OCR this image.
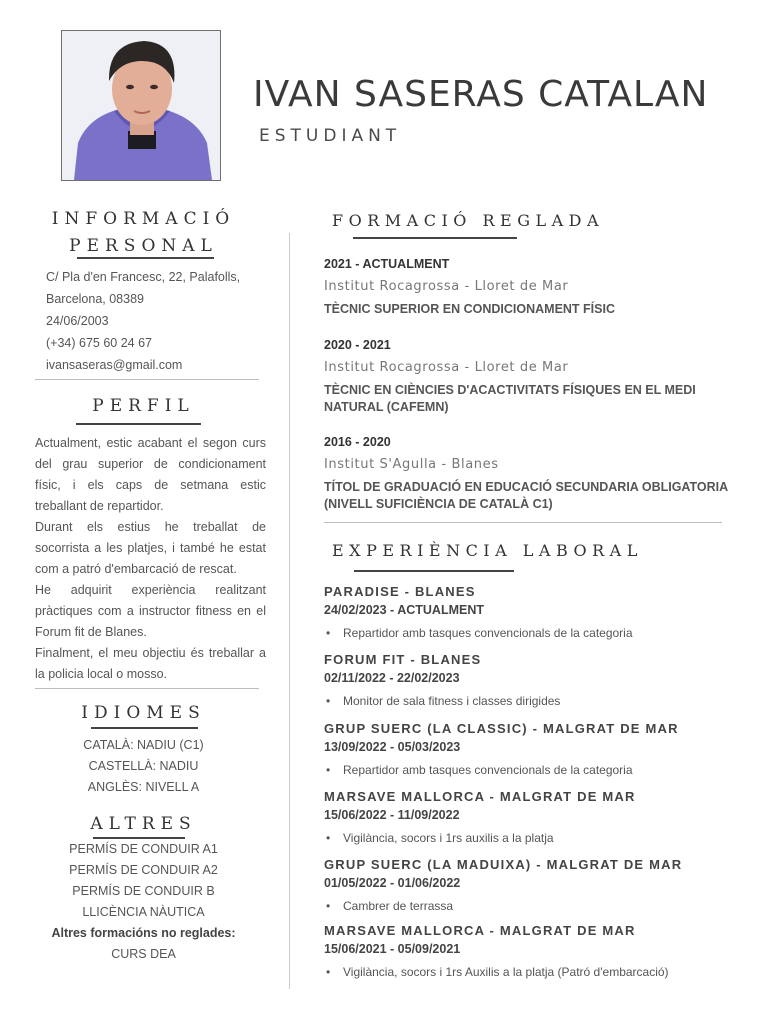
IVAN SASERAS CATALAN
ESTUDIANT
INFORMACIÓ
PERSONAL
C/ Pla d'en Francesc, 22, Palafolls,
Barcelona, 08389
24/06/2003
(+34) 675 60 24 67
ivansaseras@gmail.com
PERFIL

Actualment, estic acabant el segon curs del grau superior de condicionament físic, i els caps de setmana estic treballant de repartidor.

Durant els estius he treballat de socorrista a les platjes, i també he estat com a patró d'embarcació de rescat.

He adquirit experiència realitzant pràctiques com a instructor fitness en el Forum fit de Blanes.

Finalment, el meu objectiu és treballar a la policia local o mosso.

IDIOMES
CATALÀ: NADIU (C1)
CASTELLÀ: NADIU
ANGLÈS: NIVELL A
ALTRES
PERMÍS DE CONDUIR A1
PERMÍS DE CONDUIR A2
PERMÍS DE CONDUIR B
LLICÈNCIA NÀUTICA
Altres formacións no reglades:
CURS DEA
FORMACIÓ REGLADA
2021 - ACTUALMENT
Institut Rocagrossa - Lloret de Mar
TÈCNIC SUPERIOR EN CONDICIONAMENT FÍSIC
2020 - 2021
Institut Rocagrossa - Lloret de Mar
TÈCNIC EN CIÈNCIES D'ACACTIVITATS FÍSIQUES EN EL MEDI
NATURAL (CAFEMN)
2016 - 2020
Institut S'Agulla - Blanes
TÍTOL DE GRADUACIÓ EN EDUCACIÓ SECUNDARIA OBLIGATORIA
(NIVELL SUFICIÈNCIA DE CATALÀ C1)
EXPERIÈNCIA LABORAL
PARADISE - BLANES
24/02/2023 - ACTUALMENT
• Repartidor amb tasques convencionals de la categoria
FORUM FIT - BLANES
02/11/2022 - 22/02/2023
• Monitor de sala fitness i classes dirigides
GRUP SUERC (LA CLASSIC) - MALGRAT DE MAR
13/09/2022 - 05/03/2023
• Repartidor amb tasques convencionals de la categoria
MARSAVE MALLORCA - MALGRAT DE MAR
15/06/2022 - 11/09/2022
• Vigilància, socors i 1rs auxilis a la platja
GRUP SUERC (LA MADUIXA) - MALGRAT DE MAR
01/05/2022 - 01/06/2022
• Cambrer de terrassa
MARSAVE MALLORCA - MALGRAT DE MAR
15/06/2021 - 05/09/2021
• Vigilància, socors i 1rs Auxilis a la platja (Patró d'embarcació)
